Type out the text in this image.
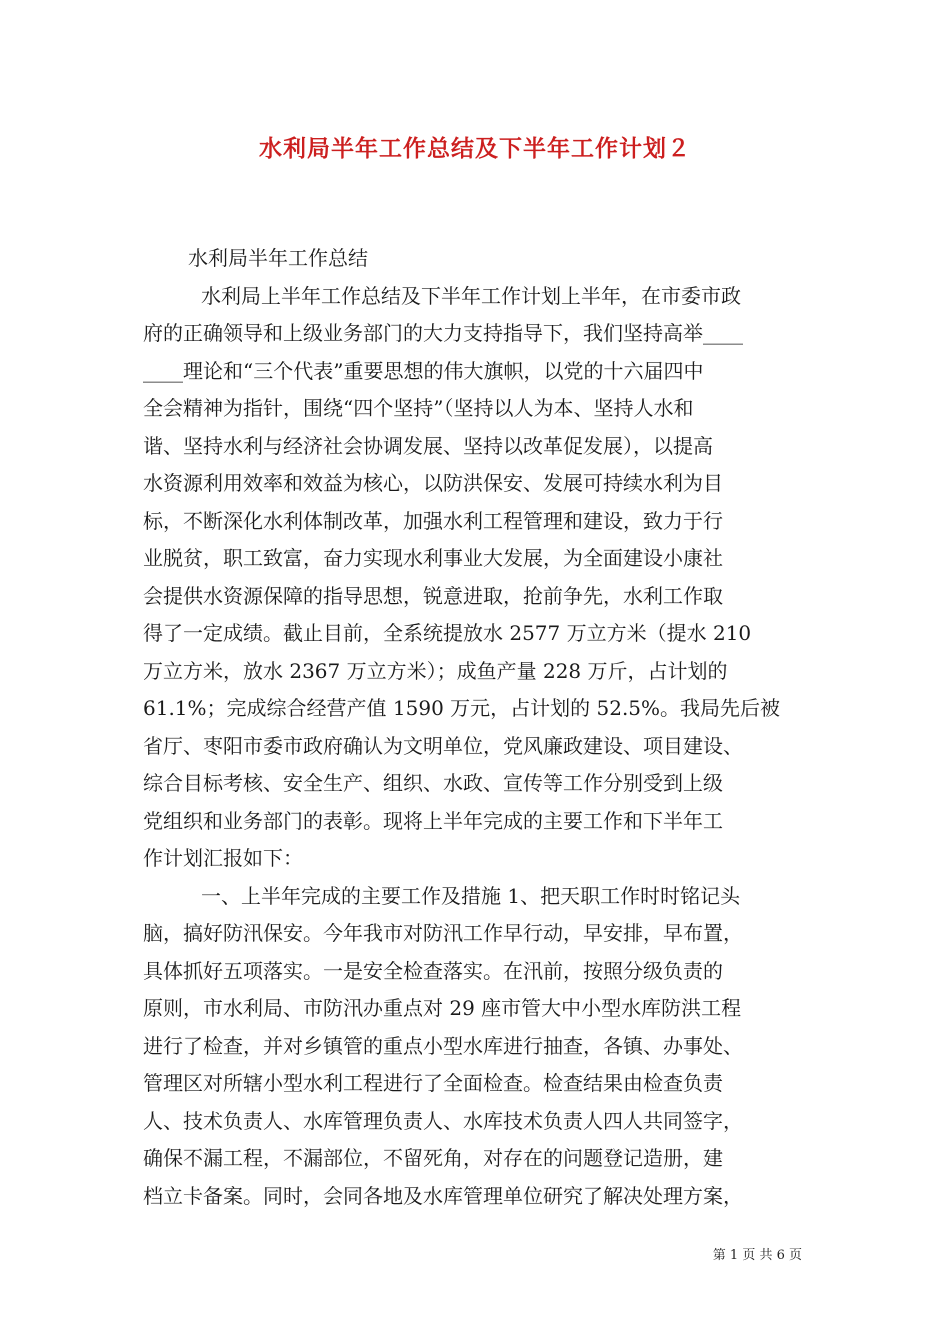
水利局半年工作总结及下半年工作计划２
水利局半年工作总结
水利局上半年工作总结及下半年工作计划上半年，在市委市政
府的正确领导和上级业务部门的大力支持指导下，我们坚持高举____
____理论和“三个代表”重要思想的伟大旗帜，以党的十六届四中
全会精神为指针，围绕“四个坚持”（坚持以人为本、坚持人水和
谐、坚持水利与经济社会协调发展、坚持以改革促发展），以提高
水资源利用效率和效益为核心，以防洪保安、发展可持续水利为目
标，不断深化水利体制改革，加强水利工程管理和建设，致力于行
业脱贫，职工致富，奋力实现水利事业大发展，为全面建设小康社
会提供水资源保障的指导思想，锐意进取，抢前争先，水利工作取
得了一定成绩。截止目前，全系统提放水 2577 万立方米（提水 210
万立方米，放水 2367 万立方米）；成鱼产量 228 万斤，占计划的
61.1%；完成综合经营产值 1590 万元，占计划的 52.5%。我局先后被
省厅、枣阳市委市政府确认为文明单位，党风廉政建设、项目建设、
综合目标考核、安全生产、组织、水政、宣传等工作分别受到上级
党组织和业务部门的表彰。现将上半年完成的主要工作和下半年工
作计划汇报如下：
一、上半年完成的主要工作及措施 1、把天职工作时时铭记头
脑，搞好防汛保安。今年我市对防汛工作早行动，早安排，早布置，
具体抓好五项落实。一是安全检查落实。在汛前，按照分级负责的
原则，市水利局、市防汛办重点对 29 座市管大中小型水库防洪工程
进行了检查，并对乡镇管的重点小型水库进行抽查，各镇、办事处、
管理区对所辖小型水利工程进行了全面检查。检查结果由检查负责
人、技术负责人、水库管理负责人、水库技术负责人四人共同签字，
确保不漏工程，不漏部位，不留死角，对存在的问题登记造册，建
档立卡备案。同时，会同各地及水库管理单位研究了解决处理方案，
第 1 页 共 6 页
